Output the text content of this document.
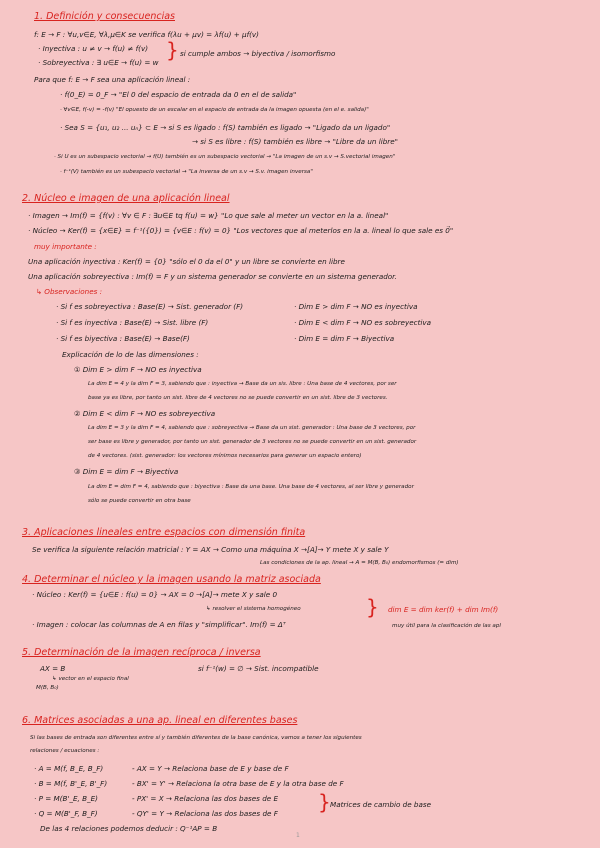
1. Definición y consecuencias
f: E → F : ∀u,v∈E, ∀λ,μ∈K se verifica f(λu + μv) = λf(u) + μf(v)
· Inyectiva : u ≠ v → f(u) ≠ f(v)
· Sobreyectiva : ∃ u∈E → f(u) = w
} si cumple ambos → biyectiva / isomorfismo
Para que f: E → F sea una aplicación lineal :
· f(0_E) = 0_F → "El 0 del espacio de entrada da 0 en el de salida"
· ∀v∈E, f(-v) = -f(v) "El opuesto de un escalar en el espacio de entrada da la imagen opuesta (en el e. salida)"
· Sea S = {u₁, u₂ ... uₙ} ⊂ E → si S es ligado : f(S) también es ligado → "Ligado da un ligado"
→ si S es libre : f(S) también es libre → "Libre da un libre"
· Si U es un subespacio vectorial → f(U) también es un subespacio vectorial → "La imagen de un s.v → S.vectorial imagen"
· f⁻¹(V) también es un subespacio vectorial → "La inversa de un s.v → S.v. imagen inversa"
2. Núcleo e imagen de una aplicación lineal
· Imagen → Im(f) = {f(v) : ∀v ∈ F : ∃u∈E tq f(u) = w} "Lo que sale al meter un vector en la a. lineal"
· Núcleo → Ker(f) = {x∈E} = f⁻¹({0}) = {v∈E : f(v) = 0} "Los vectores que al meterlos en la a. lineal lo que sale es 0⃗"
muy importante :
Una aplicación inyectiva : Ker(f) = {0} "sólo el 0 da el 0" y un libre se convierte en libre
Una aplicación sobreyectiva : Im(f) = F y un sistema generador se convierte en un sistema generador.
↳ Observaciones :
· Si f es sobreyectiva : Base(E) → Sist. generador (F)
· Si f es inyectiva : Base(E) → Sist. libre (F)
· Si f es biyectiva : Base(E) → Base(F)
· Dim E > dim F → NO es inyectiva
· Dim E < dim F → NO es sobreyectiva
· Dim E = dim F → Biyectiva
Explicación de lo de las dimensiones :
① Dim E > dim F → NO es inyectiva
La dim E = 4 y la dim F = 3, sabiendo que : inyectiva → Base da un sis. libre : Una base de 4 vectores, por ser
base ya es libre, por tanto un sist. libre de 4 vectores no se puede convertir en un sist. libre de 3 vectores.
② Dim E < dim F → NO es sobreyectiva
La dim E = 3 y la dim F = 4, sabiendo que : sobreyectiva → Base da un sist. generador : Una base de 3 vectores, por
ser base es libre y generador, por tanto un sist. generador de 3 vectores no se puede convertir en un sist. generador
de 4 vectores. (sist. generador: los vectores mínimos necesarios para generar un espacio entero)
③ Dim E = dim F → Biyectiva
La dim E = dim F = 4, sabiendo que : biyectiva : Base da una base. Una base de 4 vectores, al ser libre y generador
sólo se puede convertir en otra base
3. Aplicaciones lineales entre espacios con dimensión finita
Se verifica la siguiente relación matricial : Y = AX → Como una máquina X →[A]→ Y mete X y sale Y
Las condiciones de la ap. lineal → A = M(B, B₀) endomorfismos (= dim)
4. Determinar el núcleo y la imagen usando la matriz asociada
· Núcleo : Ker(f) = {u∈E : f(u) = 0} → AX = 0 →[A]→ mete X y sale 0
↳ resolver el sistema homogéneo
· Imagen : colocar las columnas de A en filas y "simplificar". Im(f) = Δᵀ
} dim E = dim ker(f) + dim Im(f)
muy útil para la clasificación de las apl
5. Determinación de la imagen recíproca / inversa
AX = B
↳ vector en el espacio final
M(B, B₀)
si f⁻¹(w) = ∅ → Sist. incompatible
6. Matrices asociadas a una ap. lineal en diferentes bases
Si las bases de entrada son diferentes entre sí y también diferentes de la base canónica, vamos a tener los siguientes
relaciones / ecuaciones :
· A = M(f, B_E, B_F)
· B = M(f, B'_E, B'_F)
· P = M(B'_E, B_E)
· Q = M(B'_F, B_F)
- AX = Y → Relaciona base de E y base de F
- BX' = Y' → Relaciona la otra base de E y la otra base de F
- PX' = X → Relaciona las dos bases de E
- QY' = Y → Relaciona las dos bases de F } Matrices de cambio de base
De las 4 relaciones podemos deducir : Q⁻¹AP = B
1
